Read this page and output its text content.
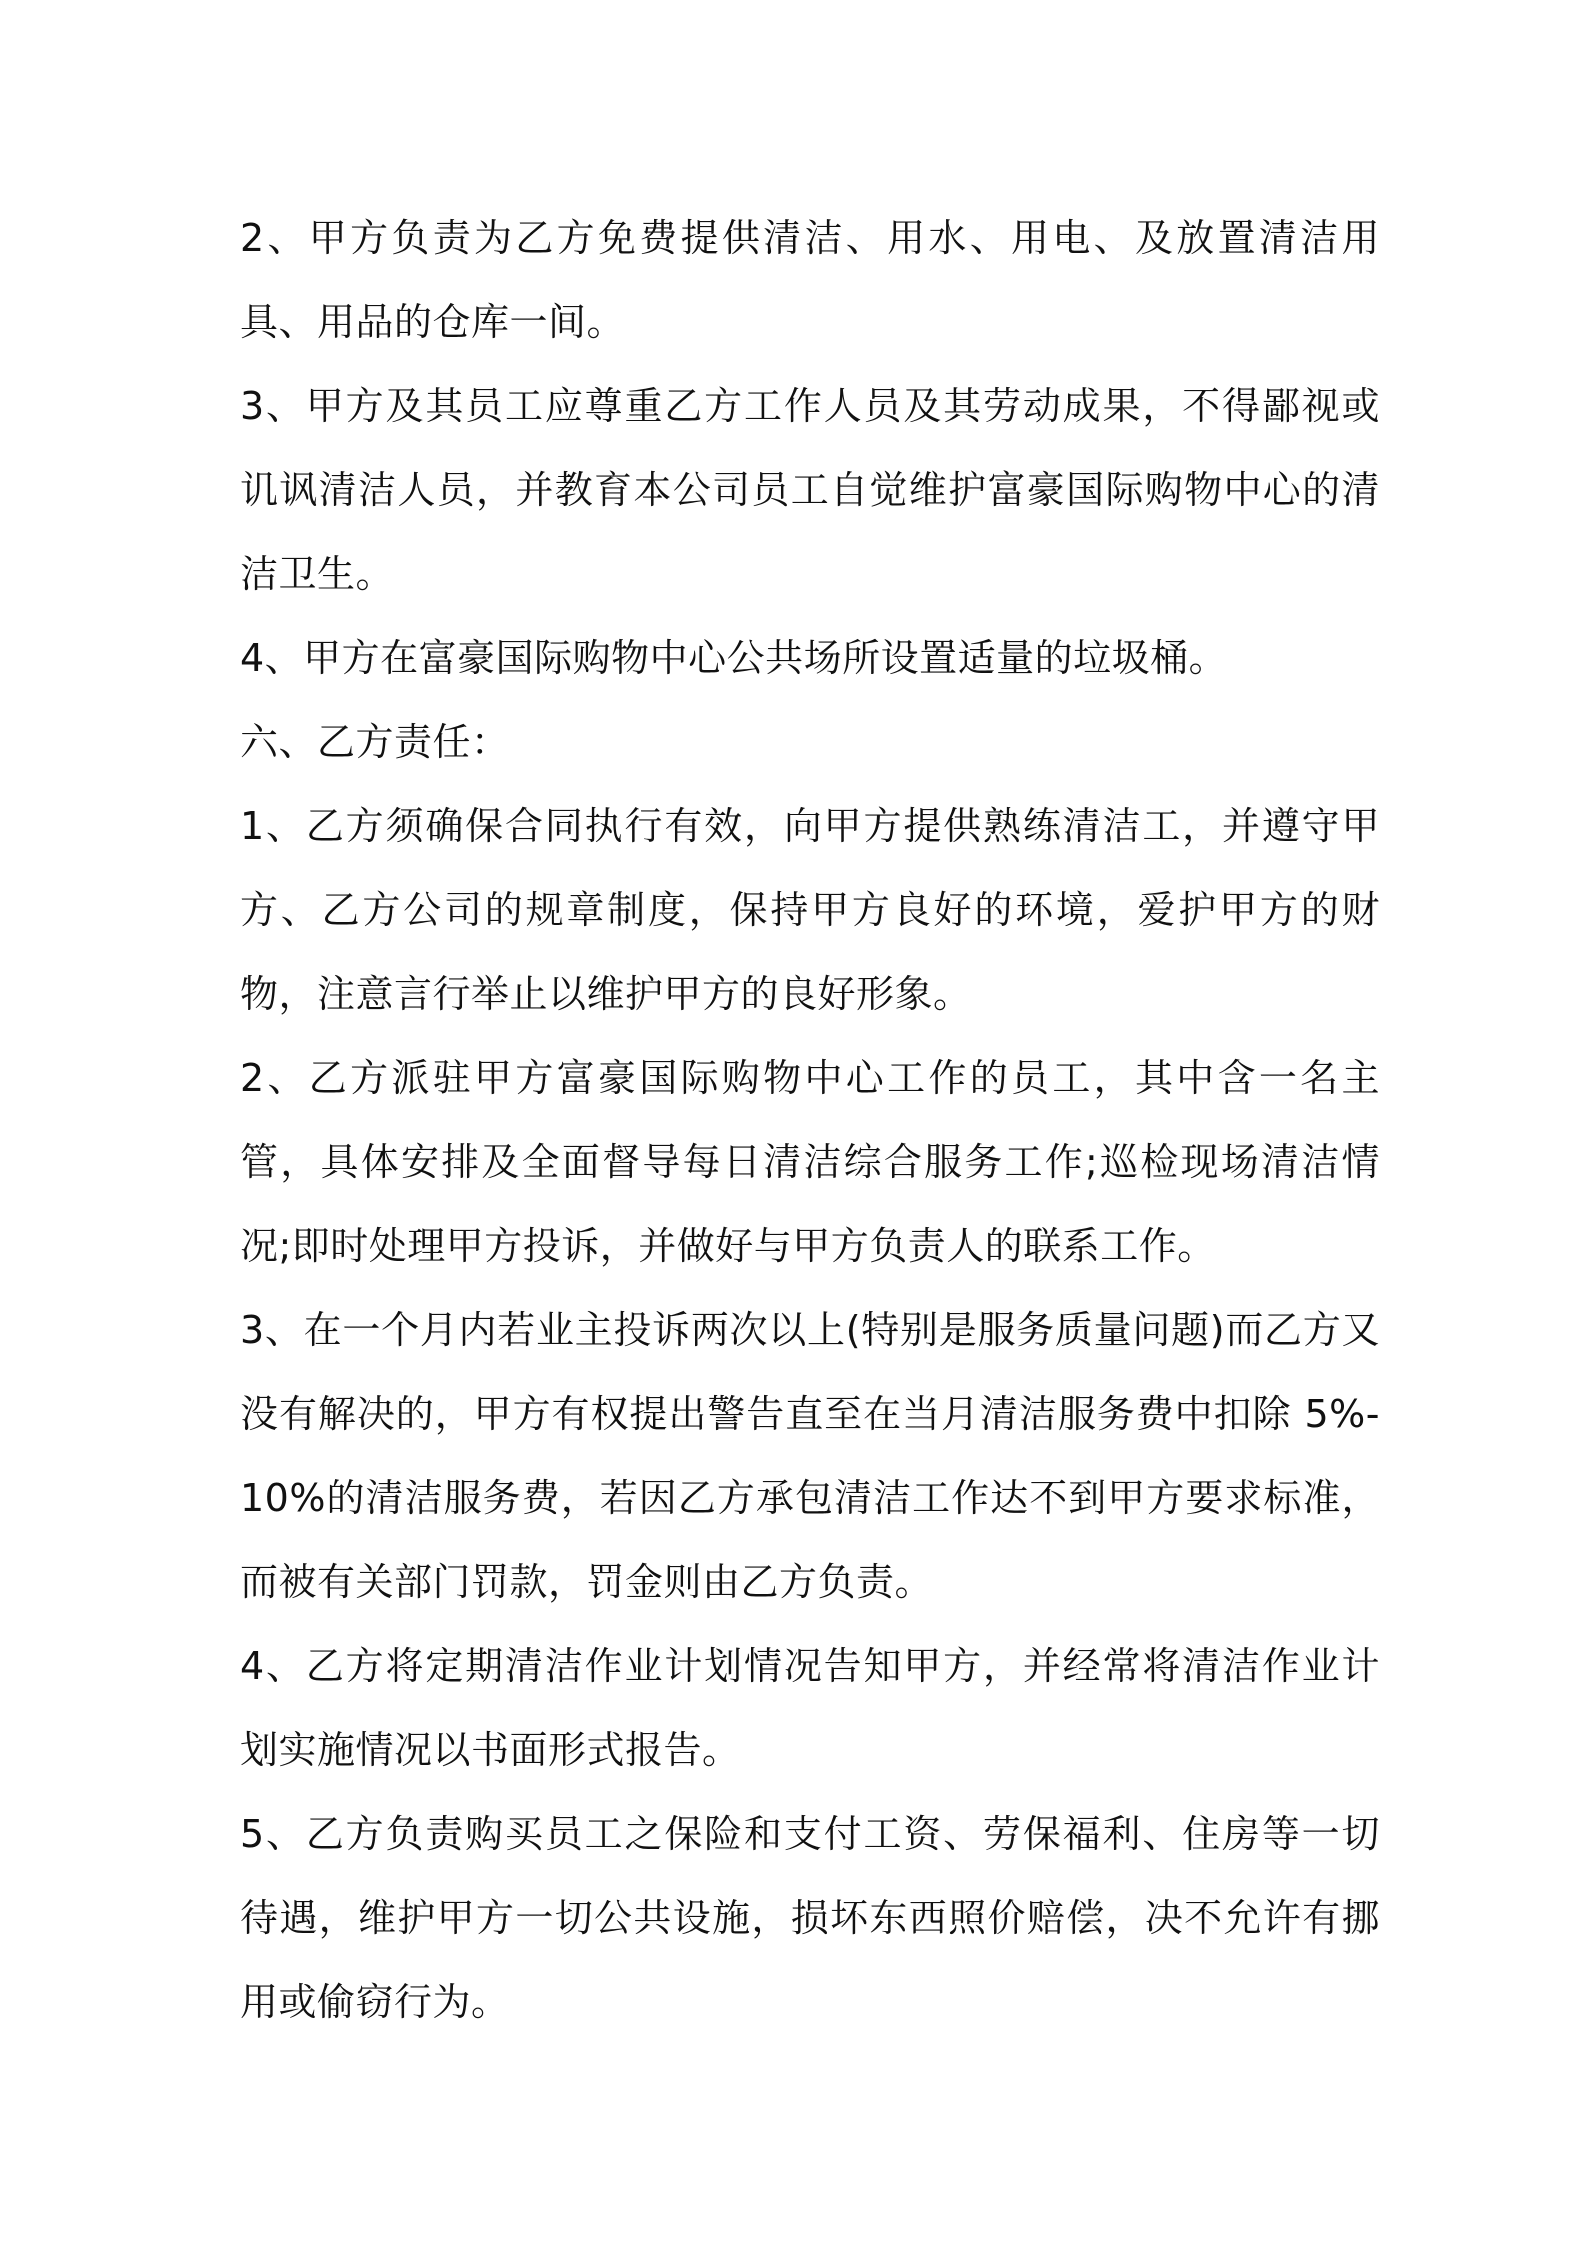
2、甲方负责为乙方免费提供清洁、用水、用电、及放置清洁用具、用品的仓库一间。

3、甲方及其员工应尊重乙方工作人员及其劳动成果，不得鄙视或讥讽清洁人员，并教育本公司员工自觉维护富豪国际购物中心的清洁卫生。

4、甲方在富豪国际购物中心公共场所设置适量的垃圾桶。

六、乙方责任：

1、乙方须确保合同执行有效，向甲方提供熟练清洁工，并遵守甲方、乙方公司的规章制度，保持甲方良好的环境，爱护甲方的财物，注意言行举止以维护甲方的良好形象。

2、乙方派驻甲方富豪国际购物中心工作的员工，其中含一名主管，具体安排及全面督导每日清洁综合服务工作;巡检现场清洁情况;即时处理甲方投诉，并做好与甲方负责人的联系工作。

3、在一个月内若业主投诉两次以上(特别是服务质量问题)而乙方又没有解决的，甲方有权提出警告直至在当月清洁服务费中扣除 5%-10%的清洁服务费，若因乙方承包清洁工作达不到甲方要求标准，而被有关部门罚款，罚金则由乙方负责。

4、乙方将定期清洁作业计划情况告知甲方，并经常将清洁作业计划实施情况以书面形式报告。

5、乙方负责购买员工之保险和支付工资、劳保福利、住房等一切待遇，维护甲方一切公共设施，损坏东西照价赔偿，决不允许有挪用或偷窃行为。
